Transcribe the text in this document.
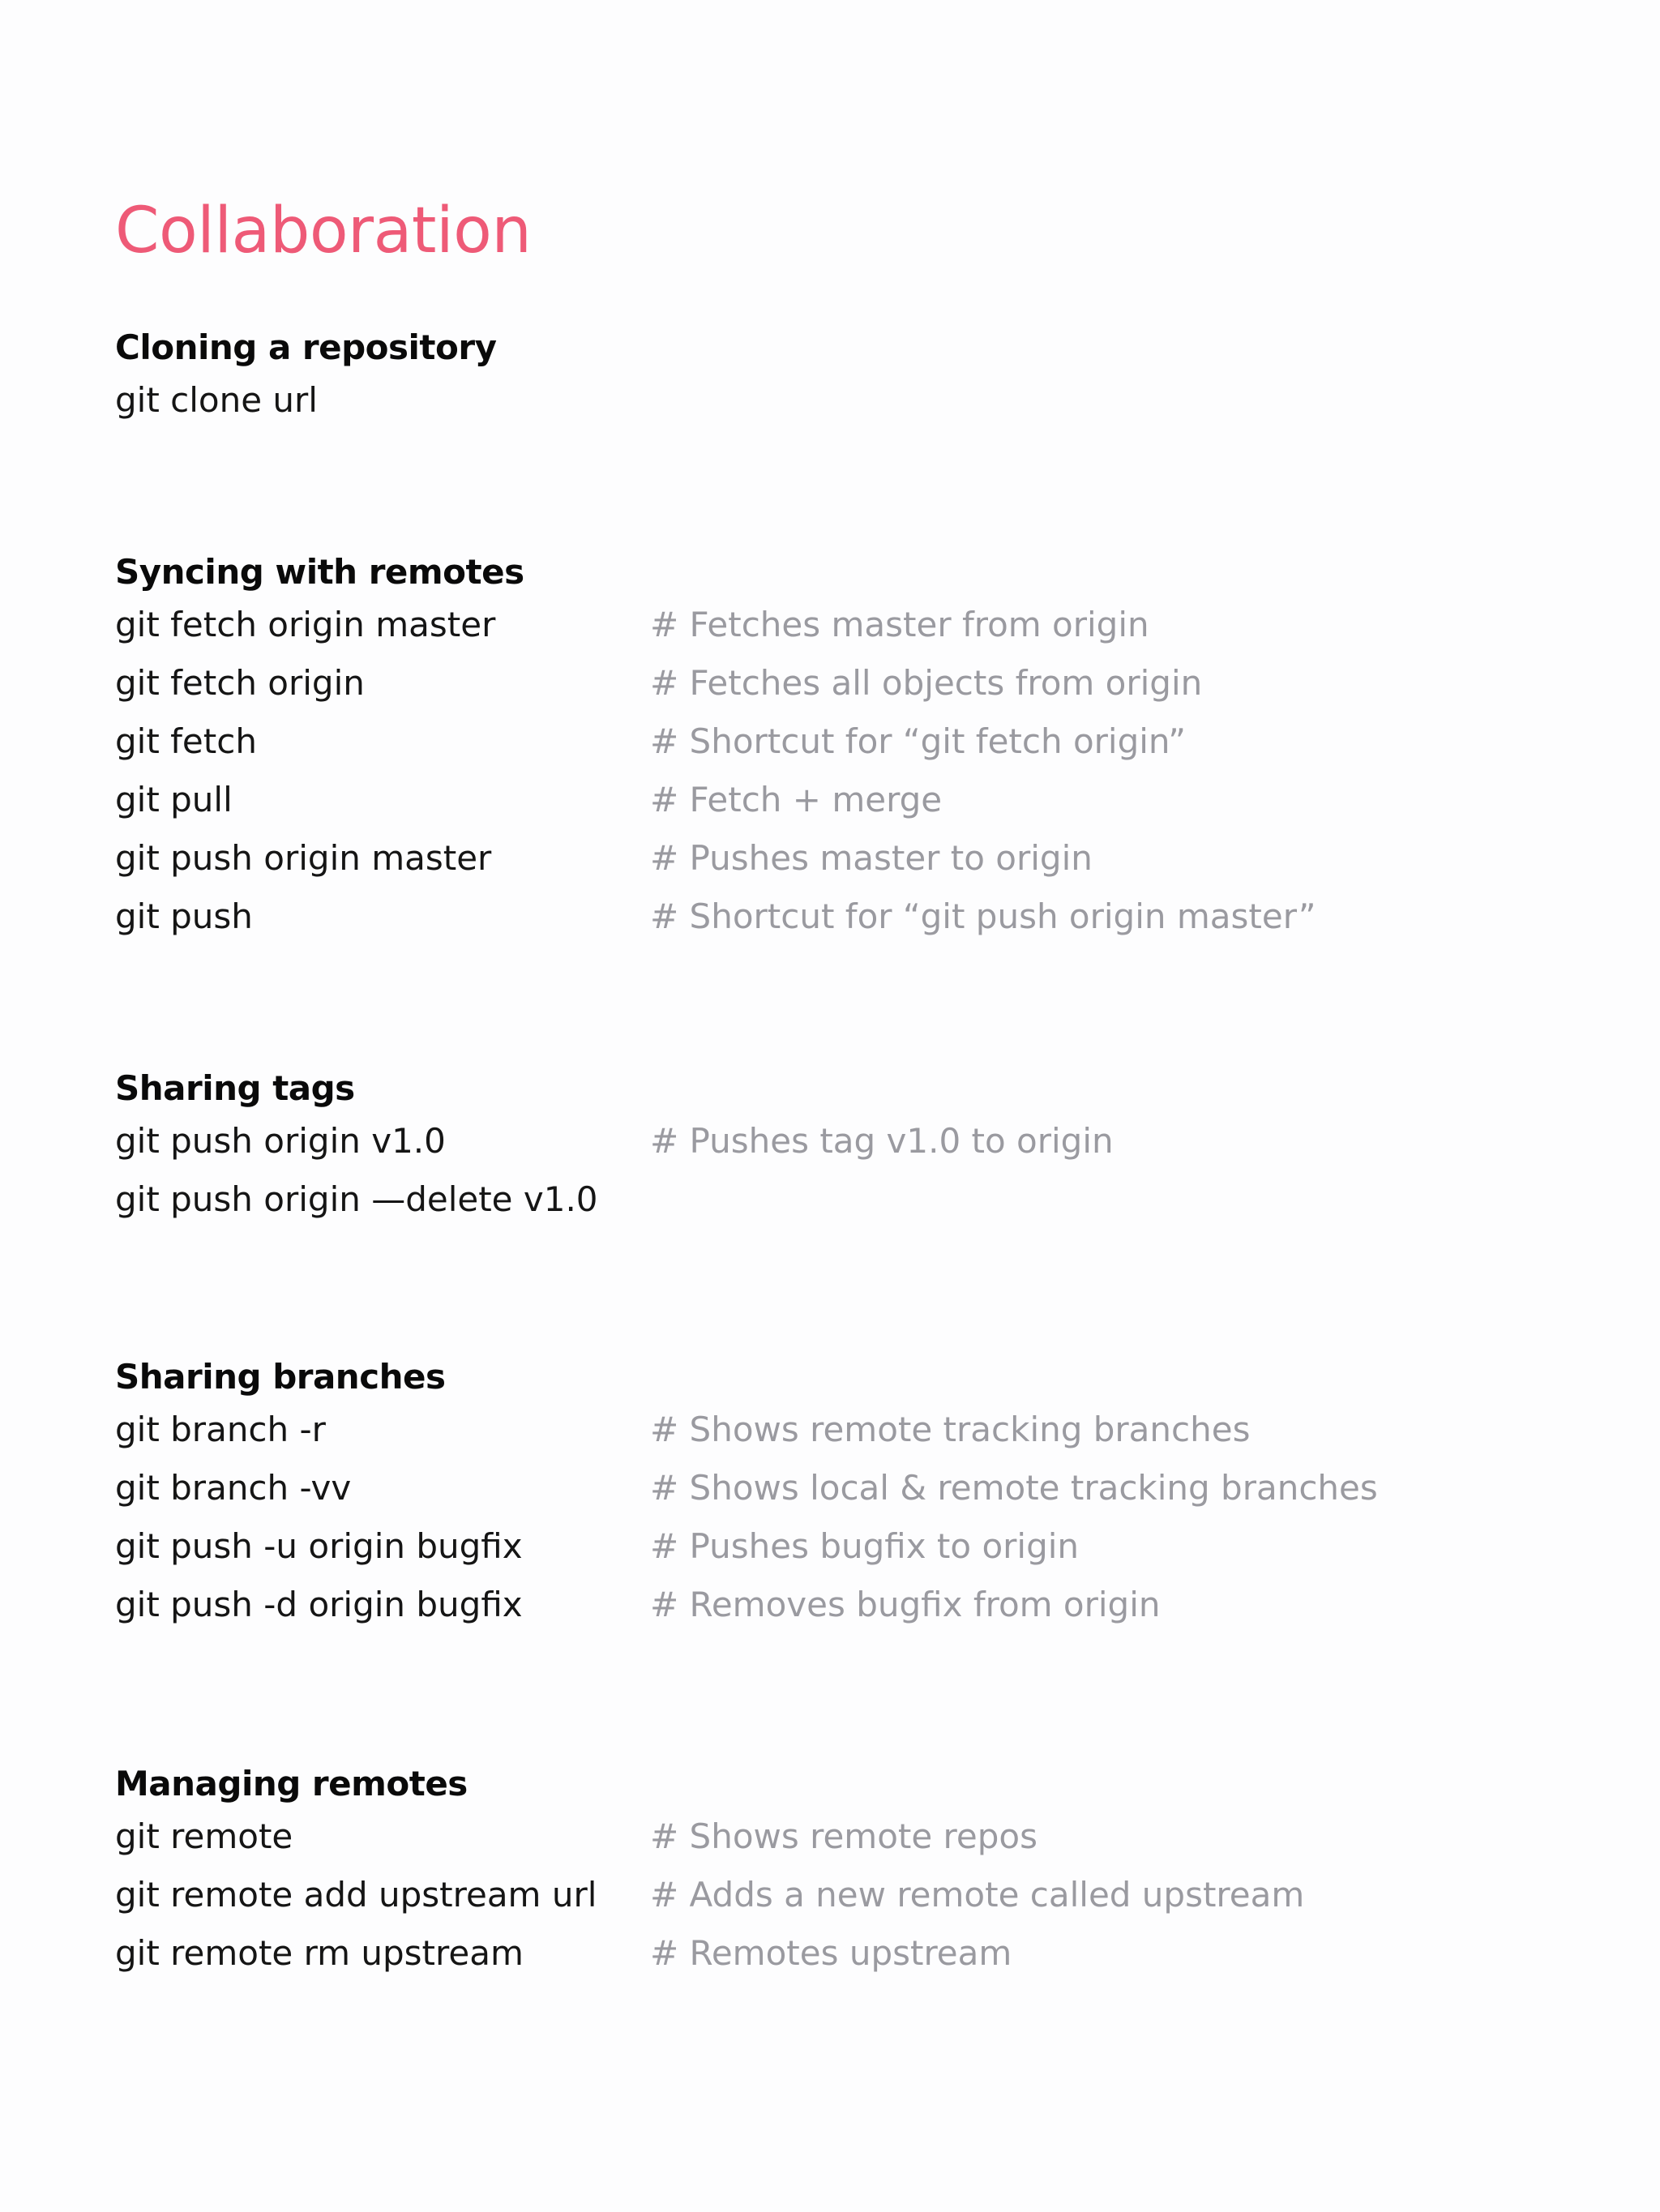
Collaboration
Cloning a repository
git clone url
Syncing with remotes
git fetch origin master	# Fetches master from origin
git fetch origin	# Fetches all objects from origin
git fetch	# Shortcut for “git fetch origin”
git pull	# Fetch + merge
git push origin master	# Pushes master to origin
git push	# Shortcut for “git push origin master”
Sharing tags
git push origin v1.0	# Pushes tag v1.0 to origin
git push origin —delete v1.0
Sharing branches
git branch -r	# Shows remote tracking branches
git branch -vv	# Shows local & remote tracking branches
git push -u origin bugfix	# Pushes bugfix to origin
git push -d origin bugfix	# Removes bugfix from origin
Managing remotes
git remote	# Shows remote repos
git remote add upstream url # Adds a new remote called upstream
git remote rm upstream	# Remotes upstream
